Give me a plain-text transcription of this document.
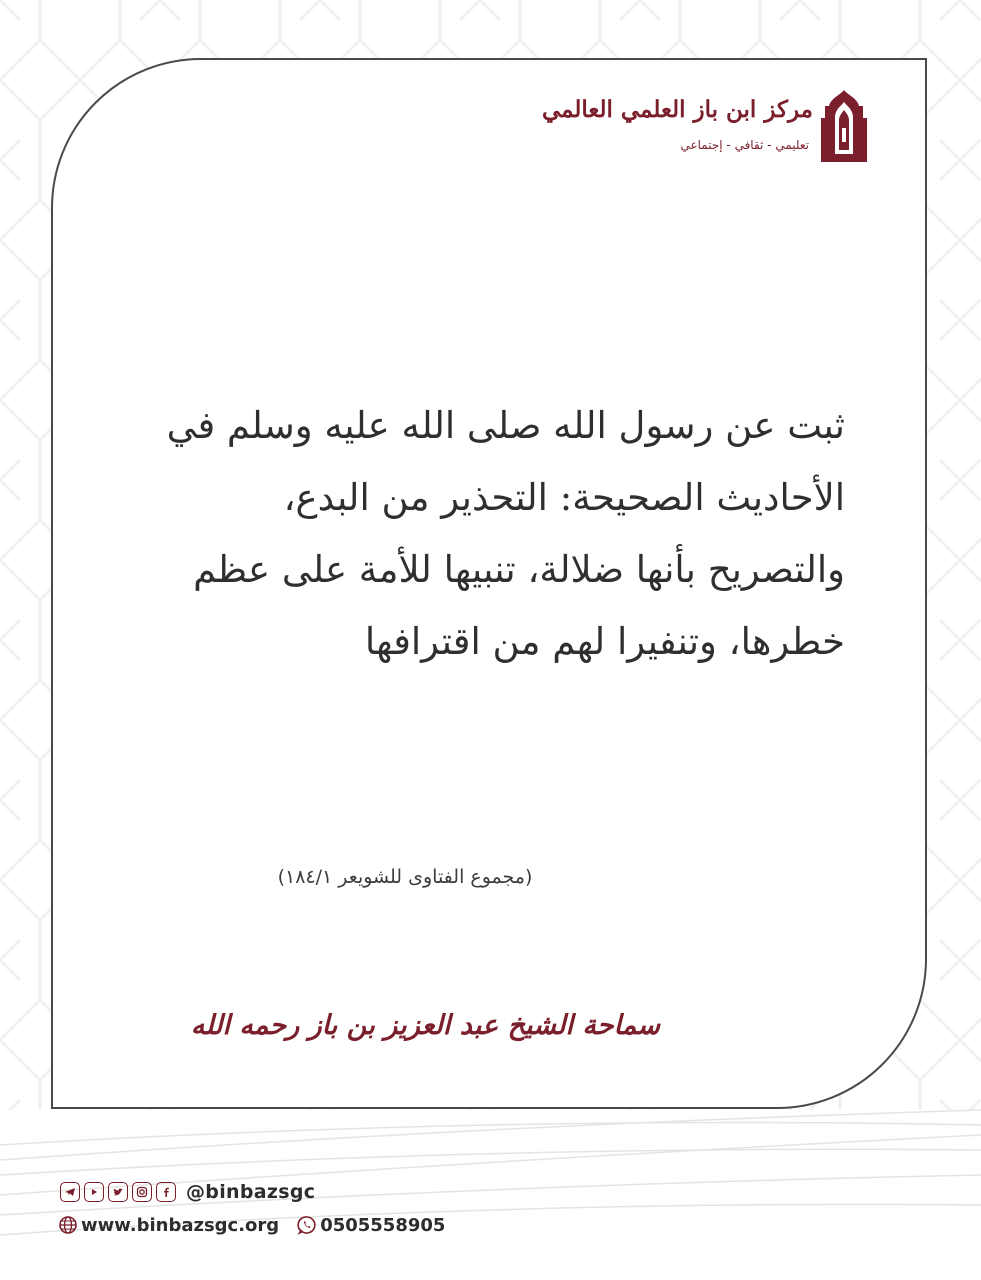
مركز ابن باز العلمي العالمي
تعليمي - ثقافي - إجتماعي
ثبت عن رسول الله صلى الله عليه وسلم في
الأحاديث الصحيحة: التحذير من البدع،
والتصريح بأنها ضلالة، تنبيها للأمة على عظم
خطرها، وتنفيرا لهم من اقترافها
(مجموع الفتاوى للشويعر ١٨٤/١)
سماحة الشيخ عبد العزيز بن باز رحمه الله
@binbazsgc
www.binbazsgc.org 0505558905
